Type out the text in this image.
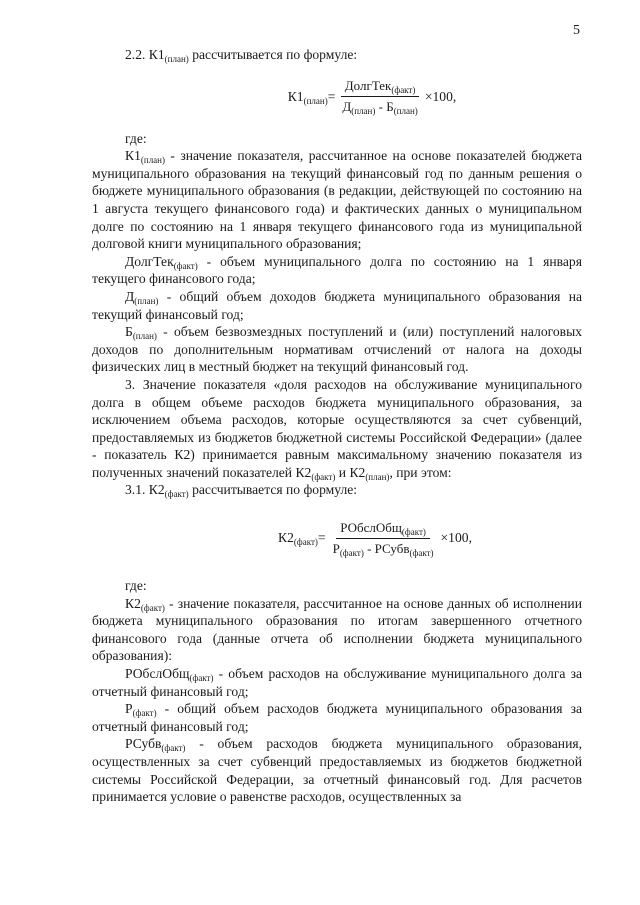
5

2.2. $К1_{(план)}$ рассчитывается по формуле:

$К1_{(план)} = \frac{ДолгТек_{(факт)}}{Д_{(план)} - Б_{(план)}} \times 100$,

где:

$К1_{(план)}$ - значение показателя, рассчитанное на основе показателей бюджета муниципального образования на текущий финансовый год по данным решения о бюджете муниципального образования (в редакции, действующей по состоянию на 1 августа текущего финансового года) и фактических данных о муниципальном долге по состоянию на 1 января текущего финансового года из муниципальной долговой книги муниципального образования;

ДолгТек$_{(факт)}$ - объем муниципального долга по состоянию на 1 января текущего финансового года;

$Д_{(план)}$ - общий объем доходов бюджета муниципального образования на текущий финансовый год;

$Б_{(план)}$ - объем безвозмездных поступлений и (или) поступлений налоговых доходов по дополнительным нормативам отчислений от налога на доходы физических лиц в местный бюджет на текущий финансовый год.

3. Значение показателя «доля расходов на обслуживание муниципального долга в общем объеме расходов бюджета муниципального образования, за исключением объема расходов, которые осуществляются за счет субвенций, предоставляемых из бюджетов бюджетной системы Российской Федерации» (далее - показатель К2) принимается равным максимальному значению показателя из полученных значений показателей $К2_{(факт)}$ и $К2_{(план)}$, при этом:

3.1. $К2_{(факт)}$ рассчитывается по формуле:

$К2_{(факт)} = \frac{РОбслОбщ_{(факт)}}{Р_{(факт)} - РСубв_{(факт)}} \times 100$,

где:

$К2_{(факт)}$ - значение показателя, рассчитанное на основе данных об исполнении бюджета муниципального образования по итогам завершенного отчетного финансового года (данные отчета об исполнении бюджета муниципального образования):

РОбслОбщ$_{(факт)}$ - объем расходов на обслуживание муниципального долга за отчетный финансовый год;

$Р_{(факт)}$ - общий объем расходов бюджета муниципального образования за отчетный финансовый год;

РСубв$_{(факт)}$ - объем расходов бюджета муниципального образования, осуществленных за счет субвенций предоставляемых из бюджетов бюджетной системы Российской Федерации, за отчетный финансовый год. Для расчетов принимается условие о равенстве расходов, осуществленных за
